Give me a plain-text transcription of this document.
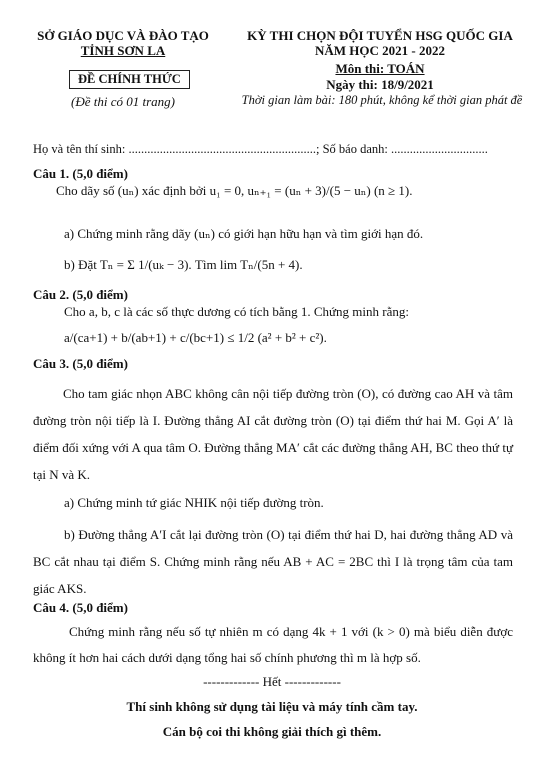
SỞ GIÁO DỤC VÀ ĐÀO TẠO
TỈNH SƠN LA
ĐỀ CHÍNH THỨC
(Đề thi có 01 trang)
KỲ THI CHỌN ĐỘI TUYỂN HSG QUỐC GIA
NĂM HỌC 2021 - 2022
Môn thi: TOÁN
Ngày thi: 18/9/2021
Thời gian làm bài: 180 phút, không kể thời gian phát đề
Họ và tên thí sinh: ............................................................; Số báo danh: ...............................
Câu 1. (5,0 điểm)
Cho dãy số (uₙ) xác định bởi u₁ = 0, uₙ₊₁ = (uₙ + 3)/(5 − uₙ) (n ≥ 1).
a) Chứng minh rằng dãy (uₙ) có giới hạn hữu hạn và tìm giới hạn đó.
b) Đặt Tₙ = Σ 1/(uₖ − 3). Tìm lim Tₙ/(5n + 4).
Câu 2. (5,0 điểm)
Cho a, b, c là các số thực dương có tích bằng 1. Chứng minh rằng:
a/(ca+1) + b/(ab+1) + c/(bc+1) ≤ 1/2 (a² + b² + c²).
Câu 3. (5,0 điểm)
Cho tam giác nhọn ABC không cân nội tiếp đường tròn (O), có đường cao AH và tâm đường tròn nội tiếp là I. Đường thẳng AI cắt đường tròn (O) tại điểm thứ hai M. Gọi A′ là điểm đối xứng với A qua tâm O. Đường thẳng MA′ cắt các đường thẳng AH, BC theo thứ tự tại N và K.
a) Chứng minh tứ giác NHIK nội tiếp đường tròn.
b) Đường thẳng A′I cắt lại đường tròn (O) tại điểm thứ hai D, hai đường thẳng AD và BC cắt nhau tại điểm S. Chứng minh rằng nếu AB + AC = 2BC thì I là trọng tâm của tam giác AKS.
Câu 4. (5,0 điểm)
Chứng minh rằng nếu số tự nhiên m có dạng 4k + 1 với (k > 0) mà biểu diễn được không ít hơn hai cách dưới dạng tổng hai số chính phương thì m là hợp số.
------------- Hết -------------
Thí sinh không sử dụng tài liệu và máy tính cầm tay.
Cán bộ coi thi không giải thích gì thêm.
